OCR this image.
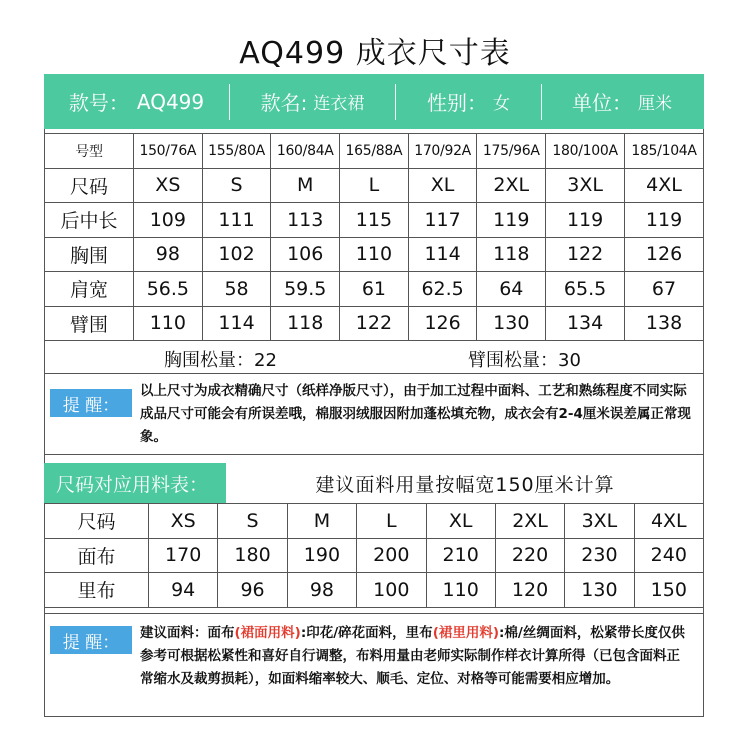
AQ499 成衣尺寸表
款号： AQ499	款名: 连衣裙	性别： 女	单位： 厘米
号型	150/76A	155/80A	160/84A	165/88A	170/92A	175/96A	180/100A	185/104A
尺码	XS	S	M	L	XL	2XL	3XL	4XL
后中长	109	111	113	115	117	119	119	119
胸围	98	102	106	110	114	118	122	126
肩宽	56.5	58	59.5	61	62.5	64	65.5	67
臂围	110	114	118	122	126	130	134	138
胸围松量：22	臂围松量：30
提 醒：
以上尺寸为成衣精确尺寸（纸样净版尺寸），由于加工过程中面料、工艺和熟练程度不同实际成品尺寸可能会有所误差哦，棉服羽绒服因附加蓬松填充物，成衣会有2-4厘米误差属正常现象。
尺码对应用料表：	建议面料用量按幅宽150厘米计算
尺码	XS	S	M	L	XL	2XL	3XL	4XL
面布	170	180	190	200	210	220	230	240
里布	94	96	98	100	110	120	130	150
提 醒：	建议面料：面布(裙面用料):印花/碎花面料，里布(裙里用料):棉/丝绸面料，松紧带长度仅供参考可根据松紧性和喜好自行调整，布料用量由老师实际制作样衣计算所得（已包含面料正常缩水及裁剪损耗），如面料缩率较大、顺毛、定位、对格等可能需要相应增加。
